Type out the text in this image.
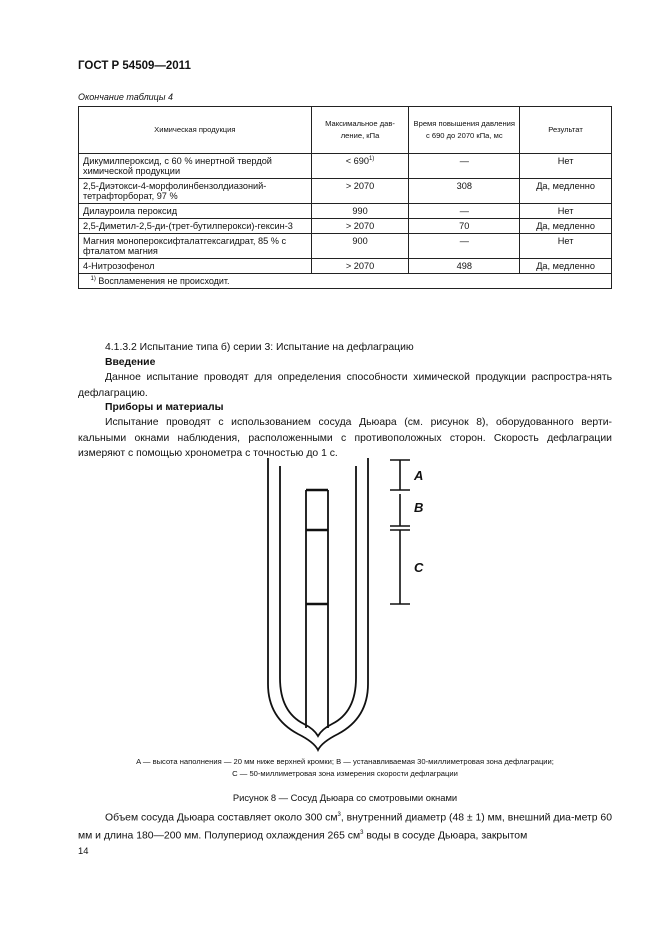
ГОСТ Р 54509—2011
Окончание таблицы 4
Химическая продукция	Максимальное дав-ление, кПа	Время повышения давления с 690 до 2070 кПа, мс	Результат
Дикумилпероксид, с 60 % инертной твердой химической продукции	< $690^{1)}$	—	Нет
2,5-Диэтокси-4-морфолинбензолдиазоний-тетрафторборат, 97 %	> 2070	308	Да, медленно
Дилауроила пероксид	990	—	Нет
2,5-Диметил-2,5-ди-(трет-бутилперокси)-гексин-3	> 2070	70	Да, медленно
Магния монопероксифталатгексагидрат, 85 % с фталатом магния	900	—	Нет
4-Нитрозофенол	> 2070	498	Да, медленно
$^{1)}$ Воспламенения не происходит.			
4.1.3.2 Испытание типа б) серии 3: Испытание на дефлаграцию
Введение
Данное испытание проводят для определения способности химической продукции распростра-нять дефлаграцию.
Приборы и материалы
Испытание проводят с использованием сосуда Дьюара (см. рисунок 8), оборудованного верти-кальными окнами наблюдения, расположенными с противоположных сторон. Скорость дефлаграции измеряют с помощью хронометра с точностью до 1 с.
A
B
C
A — высота наполнения — 20 мм ниже верхней кромки; B — устанавливаемая 30-миллиметровая зона дефлаграции;
C — 50-миллиметровая зона измерения скорости дефлаграции
Рисунок 8 — Сосуд Дьюара со смотровыми окнами
Объем сосуда Дьюара составляет около 300 $см^3$, внутренний диаметр (48 ± 1) мм, внешний диа-метр 60 мм и длина 180—200 мм. Полупериод охлаждения 265 $см^3$ воды в сосуде Дьюара, закрытом
14
